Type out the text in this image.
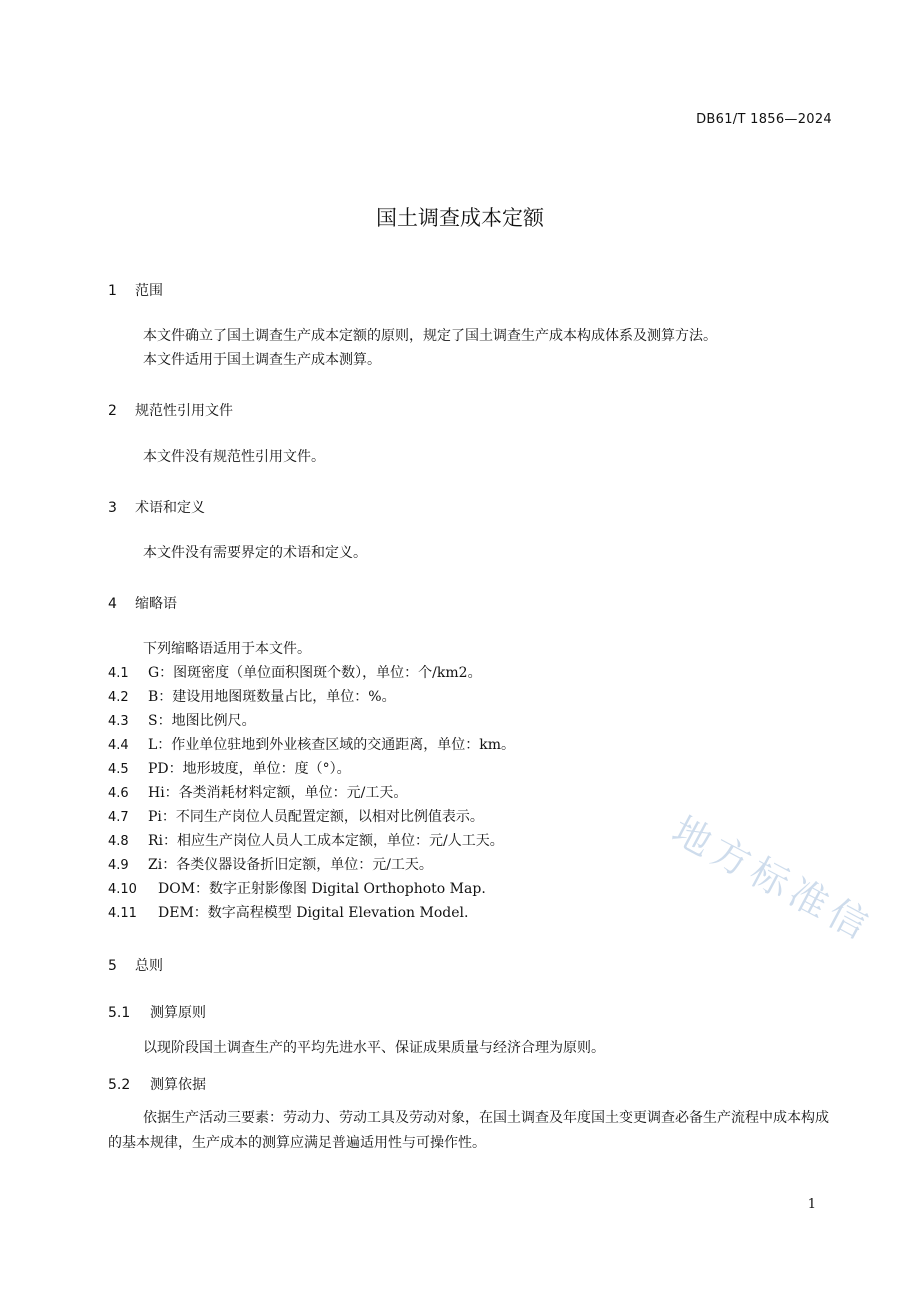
DB61/T 1856—2024
国土调查成本定额
1 范围
本文件确立了国土调查生产成本定额的原则，规定了国土调查生产成本构成体系及测算方法。
本文件适用于国土调查生产成本测算。
2 规范性引用文件
本文件没有规范性引用文件。
3 术语和定义
本文件没有需要界定的术语和定义。
4 缩略语
下列缩略语适用于本文件。
4.1 G：图斑密度（单位面积图斑个数），单位：个/km2。
4.2 B：建设用地图斑数量占比，单位：%。
4.3 S：地图比例尺。
4.4 L：作业单位驻地到外业核查区域的交通距离，单位：km。
4.5 PD：地形坡度，单位：度（°）。
4.6 Hi：各类消耗材料定额，单位：元/工天。
4.7 Pi：不同生产岗位人员配置定额，以相对比例值表示。
4.8 Ri：相应生产岗位人员人工成本定额，单位：元/人工天。
4.9 Zi：各类仪器设备折旧定额，单位：元/工天。
4.10 DOM：数字正射影像图 Digital Orthophoto Map.
4.11 DEM：数字高程模型 Digital Elevation Model.
5 总则
5.1 测算原则
以现阶段国土调查生产的平均先进水平、保证成果质量与经济合理为原则。
5.2 测算依据
依据生产活动三要素：劳动力、劳动工具及劳动对象，在国土调查及年度国土变更调查必备生产流程中成本构成的基本规律，生产成本的测算应满足普遍适用性与可操作性。
地方标准信
1
